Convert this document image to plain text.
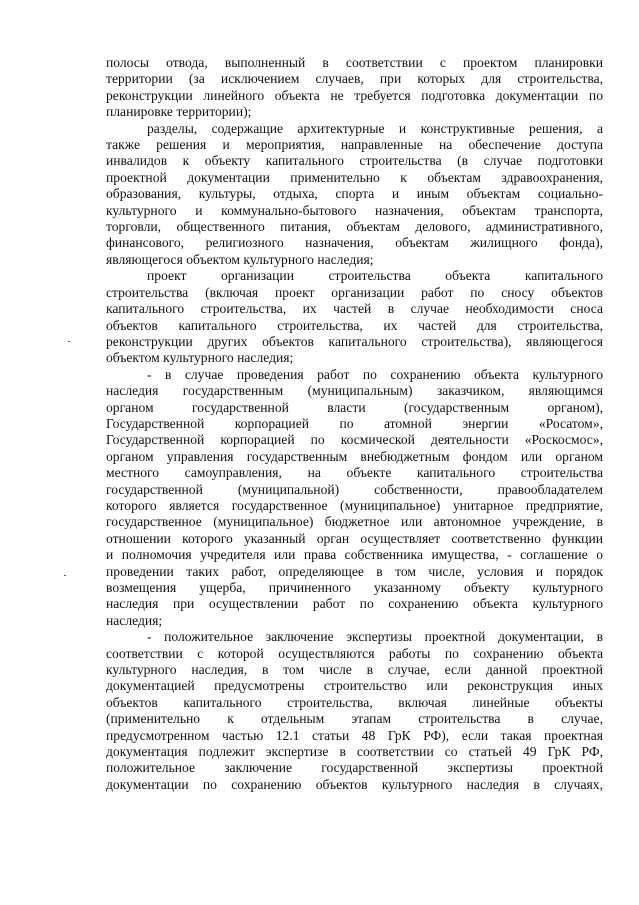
полосы отвода, выполненный в соответствии с проектом планировки

территории (за исключением случаев, при которых для строительства,

реконструкции линейного объекта не требуется подготовка документации по

планировке территории);

разделы, содержащие архитектурные и конструктивные решения, а

также решения и мероприятия, направленные на обеспечение доступа

инвалидов к объекту капитального строительства (в случае подготовки

проектной документации применительно к объектам здравоохранения,

образования, культуры, отдыха, спорта и иным объектам социально-

культурного и коммунально-бытового назначения, объектам транспорта,

торговли, общественного питания, объектам делового, административного,

финансового, религиозного назначения, объектам жилищного фонда),

являющегося объектом культурного наследия;

проект организации строительства объекта капитального

строительства (включая проект организации работ по сносу объектов

капитального строительства, их частей в случае необходимости сноса

объектов капитального строительства, их частей для строительства,

реконструкции других объектов капитального строительства), являющегося

объектом культурного наследия;

- в случае проведения работ по сохранению объекта культурного

наследия государственным (муниципальным) заказчиком, являющимся

органом государственной власти (государственным органом),

Государственной корпорацией по атомной энергии «Росатом»,

Государственной корпорацией по космической деятельности «Роскосмос»,

органом управления государственным внебюджетным фондом или органом

местного самоуправления, на объекте капитального строительства

государственной (муниципальной) собственности, правообладателем

которого является государственное (муниципальное) унитарное предприятие,

государственное (муниципальное) бюджетное или автономное учреждение, в

отношении которого указанный орган осуществляет соответственно функции

и полномочия учредителя или права собственника имущества, - соглашение о

проведении таких работ, определяющее в том числе, условия и порядок

возмещения ущерба, причиненного указанному объекту культурного

наследия при осуществлении работ по сохранению объекта культурного

наследия;

- положительное заключение экспертизы проектной документации, в

соответствии с которой осуществляются работы по сохранению объекта

культурного наследия, в том числе в случае, если данной проектной

документацией предусмотрены строительство или реконструкция иных

объектов капитального строительства, включая линейные объекты

(применительно к отдельным этапам строительства в случае,

предусмотренном частью 12.1 статьи 48 ГрК РФ), если такая проектная

документация подлежит экспертизе в соответствии со статьей 49 ГрК РФ,

положительное заключение государственной экспертизы проектной

документации по сохранению объектов культурного наследия в случаях,
